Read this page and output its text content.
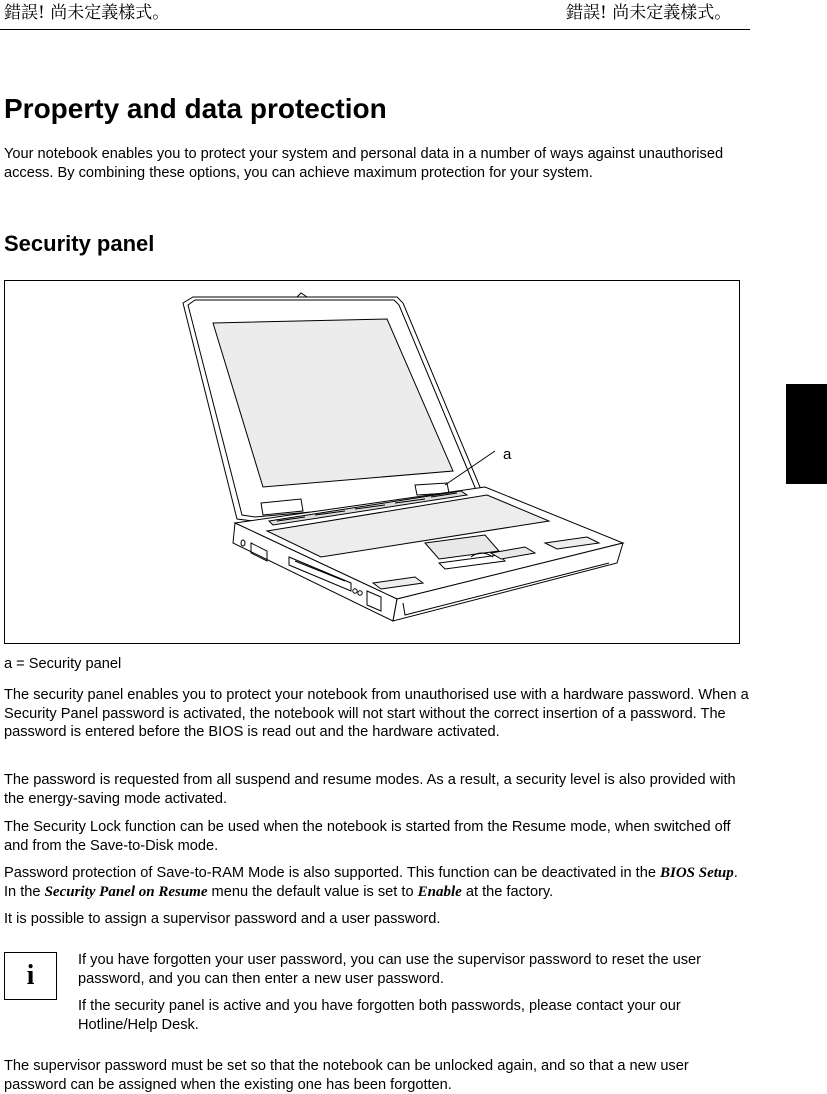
錯誤! 尚未定義樣式。	錯誤! 尚未定義樣式。
Property and data protection

Your notebook enables you to protect your system and personal data in a number of ways against unauthorised access. By combining these options, you can achieve maximum protection for your system.

Security panel
a

a = Security panel

The security panel enables you to protect your notebook from unauthorised use with a hardware password. When a Security Panel password is activated, the notebook will not start without the correct insertion of a password. The password is entered before the BIOS is read out and the hardware activated.

The password is requested from all suspend and resume modes. As a result, a security level is also provided with the energy-saving mode activated.

The Security Lock function can be used when the notebook is started from the Resume mode, when switched off and from the Save-to-Disk mode.

Password protection of Save-to-RAM Mode is also supported. This function can be deactivated in the BIOS Setup. In the Security Panel on Resume menu the default value is set to Enable at the factory.

It is possible to assign a supervisor password and a user password.

i	If you have forgotten your user password, you can use the supervisor password to reset the user password, and you can then enter a new user password.

If the security panel is active and you have forgotten both passwords, please contact your our Hotline/Help Desk.

The supervisor password must be set so that the notebook can be unlocked again, and so that a new user password can be assigned when the existing one has been forgotten.
